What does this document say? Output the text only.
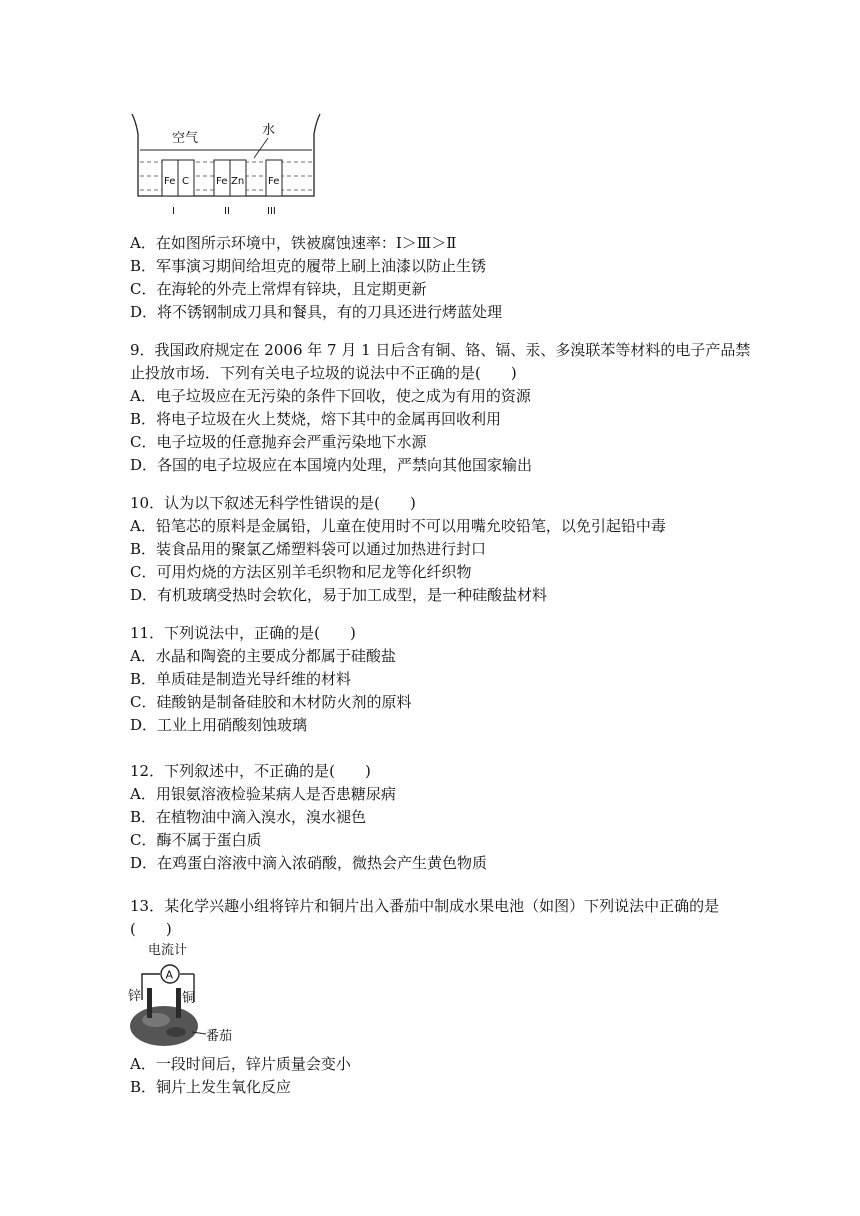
空气
水
Fe C
I
Fe Zn
II
Fe
III
A．在如图所示环境中，铁被腐蚀速率：Ⅰ＞Ⅲ＞Ⅱ
B．军事演习期间给坦克的履带上刷上油漆以防止生锈
C．在海轮的外壳上常焊有锌块，且定期更新
D．将不锈钢制成刀具和餐具，有的刀具还进行烤蓝处理
9．我国政府规定在 2006 年 7 月 1 日后含有铜、铬、镉、汞、多溴联苯等材料的电子产品禁
止投放市场．下列有关电子垃圾的说法中不正确的是(　　)
A．电子垃圾应在无污染的条件下回收，使之成为有用的资源
B．将电子垃圾在火上焚烧，熔下其中的金属再回收利用
C．电子垃圾的任意抛弃会严重污染地下水源
D．各国的电子垃圾应在本国境内处理，严禁向其他国家输出
10．认为以下叙述无科学性错误的是(　　)
A．铅笔芯的原料是金属铅，儿童在使用时不可以用嘴允咬铅笔，以免引起铅中毒
B．装食品用的聚氯乙烯塑料袋可以通过加热进行封口
C．可用灼烧的方法区别羊毛织物和尼龙等化纤织物
D．有机玻璃受热时会软化，易于加工成型，是一种硅酸盐材料
11．下列说法中，正确的是(　　)
A．水晶和陶瓷的主要成分都属于硅酸盐
B．单质硅是制造光导纤维的材料
C．硅酸钠是制备硅胶和木材防火剂的原料
D．工业上用硝酸刻蚀玻璃
12．下列叙述中，不正确的是(　　)
A．用银氨溶液检验某病人是否患糖尿病
B．在植物油中滴入溴水，溴水褪色
C．酶不属于蛋白质
D．在鸡蛋白溶液中滴入浓硝酸，微热会产生黄色物质
13．某化学兴趣小组将锌片和铜片出入番茄中制成水果电池（如图）下列说法中正确的是
(　　)
电流计
A
锌	铜
番茄
A．一段时间后，锌片质量会变小
B．铜片上发生氧化反应
